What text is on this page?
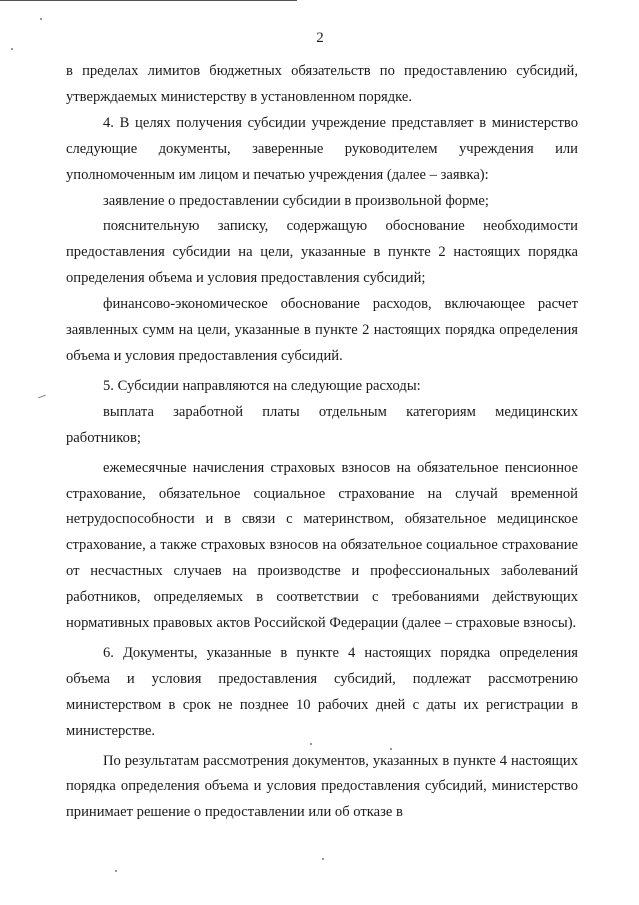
2

в пределах лимитов бюджетных обязательств по предоставлению субсидий, утверждаемых министерству в установленном порядке.

4. В целях получения субсидии учреждение представляет в министерство следующие документы, заверенные руководителем учреждения или уполномоченным им лицом и печатью учреждения (далее – заявка):

заявление о предоставлении субсидии в произвольной форме;

пояснительную записку, содержащую обоснование необходимости предоставления субсидии на цели, указанные в пункте 2 настоящих порядка определения объема и условия предоставления субсидий;

финансово-экономическое обоснование расходов, включающее расчет заявленных сумм на цели, указанные в пункте 2 настоящих порядка определения объема и условия предоставления субсидий.

5. Субсидии направляются на следующие расходы:

выплата заработной платы отдельным категориям медицинских работников;

ежемесячные начисления страховых взносов на обязательное пенсионное страхование, обязательное социальное страхование на случай временной нетрудоспособности и в связи с материнством, обязательное медицинское страхование, а также страховых взносов на обязательное социальное страхование от несчастных случаев на производстве и профессиональных заболеваний работников, определяемых в соответствии с требованиями действующих нормативных правовых актов Российской Федерации (далее – страховые взносы).

6. Документы, указанные в пункте 4 настоящих порядка определения объема и условия предоставления субсидий, подлежат рассмотрению министерством в срок не позднее 10 рабочих дней с даты их регистрации в министерстве.

По результатам рассмотрения документов, указанных в пункте 4 настоящих порядка определения объема и условия предоставления субсидий, министерство принимает решение о предоставлении или об отказе в
